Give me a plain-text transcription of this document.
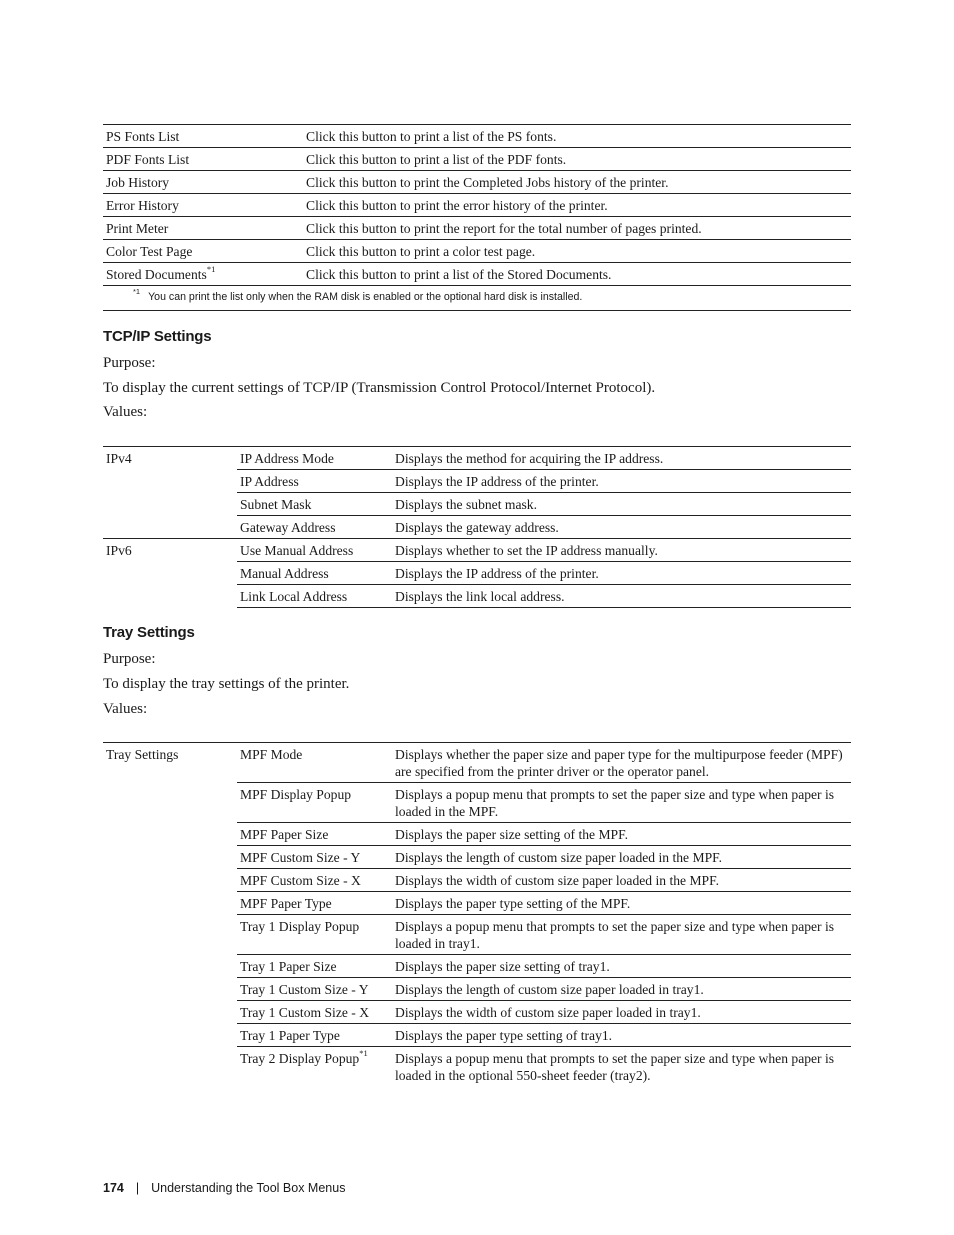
PS Fonts List	Click this button to print a list of the PS fonts.
PDF Fonts List	Click this button to print a list of the PDF fonts.
Job History	Click this button to print the Completed Jobs history of the printer.
Error History	Click this button to print the error history of the printer.
Print Meter	Click this button to print the report for the total number of pages printed.
Color Test Page	Click this button to print a color test page.
Stored Documents$^{*1}$	Click this button to print a list of the Stored Documents.
$^{*1}$ You can print the list only when the RAM disk is enabled or the optional hard disk is installed.	
TCP/IP Settings

Purpose:

To display the current settings of TCP/IP (Transmission Control Protocol/Internet Protocol).

Values:

IPv4	IP Address Mode	Displays the method for acquiring the IP address.
	IP Address	Displays the IP address of the printer.
	Subnet Mask	Displays the subnet mask.
	Gateway Address	Displays the gateway address.
IPv6	Use Manual Address	Displays whether to set the IP address manually.
	Manual Address	Displays the IP address of the printer.
	Link Local Address	Displays the link local address.
Tray Settings

Purpose:

To display the tray settings of the printer.

Values:

Tray Settings	MPF Mode	Displays whether the paper size and paper type for the multipurpose feeder (MPF) are specified from the printer driver or the operator panel.
	MPF Display Popup	Displays a popup menu that prompts to set the paper size and type when paper is loaded in the MPF.
	MPF Paper Size	Displays the paper size setting of the MPF.
	MPF Custom Size - Y	Displays the length of custom size paper loaded in the MPF.
	MPF Custom Size - X	Displays the width of custom size paper loaded in the MPF.
	MPF Paper Type	Displays the paper type setting of the MPF.
	Tray 1 Display Popup	Displays a popup menu that prompts to set the paper size and type when paper is loaded in tray1.
	Tray 1 Paper Size	Displays the paper size setting of tray1.
	Tray 1 Custom Size - Y	Displays the length of custom size paper loaded in tray1.
	Tray 1 Custom Size - X	Displays the width of custom size paper loaded in tray1.
	Tray 1 Paper Type	Displays the paper type setting of tray1.
	Tray 2 Display Popup$^{*1}$	Displays a popup menu that prompts to set the paper size and type when paper is loaded in the optional 550-sheet feeder (tray2).
174 | Understanding the Tool Box Menus
